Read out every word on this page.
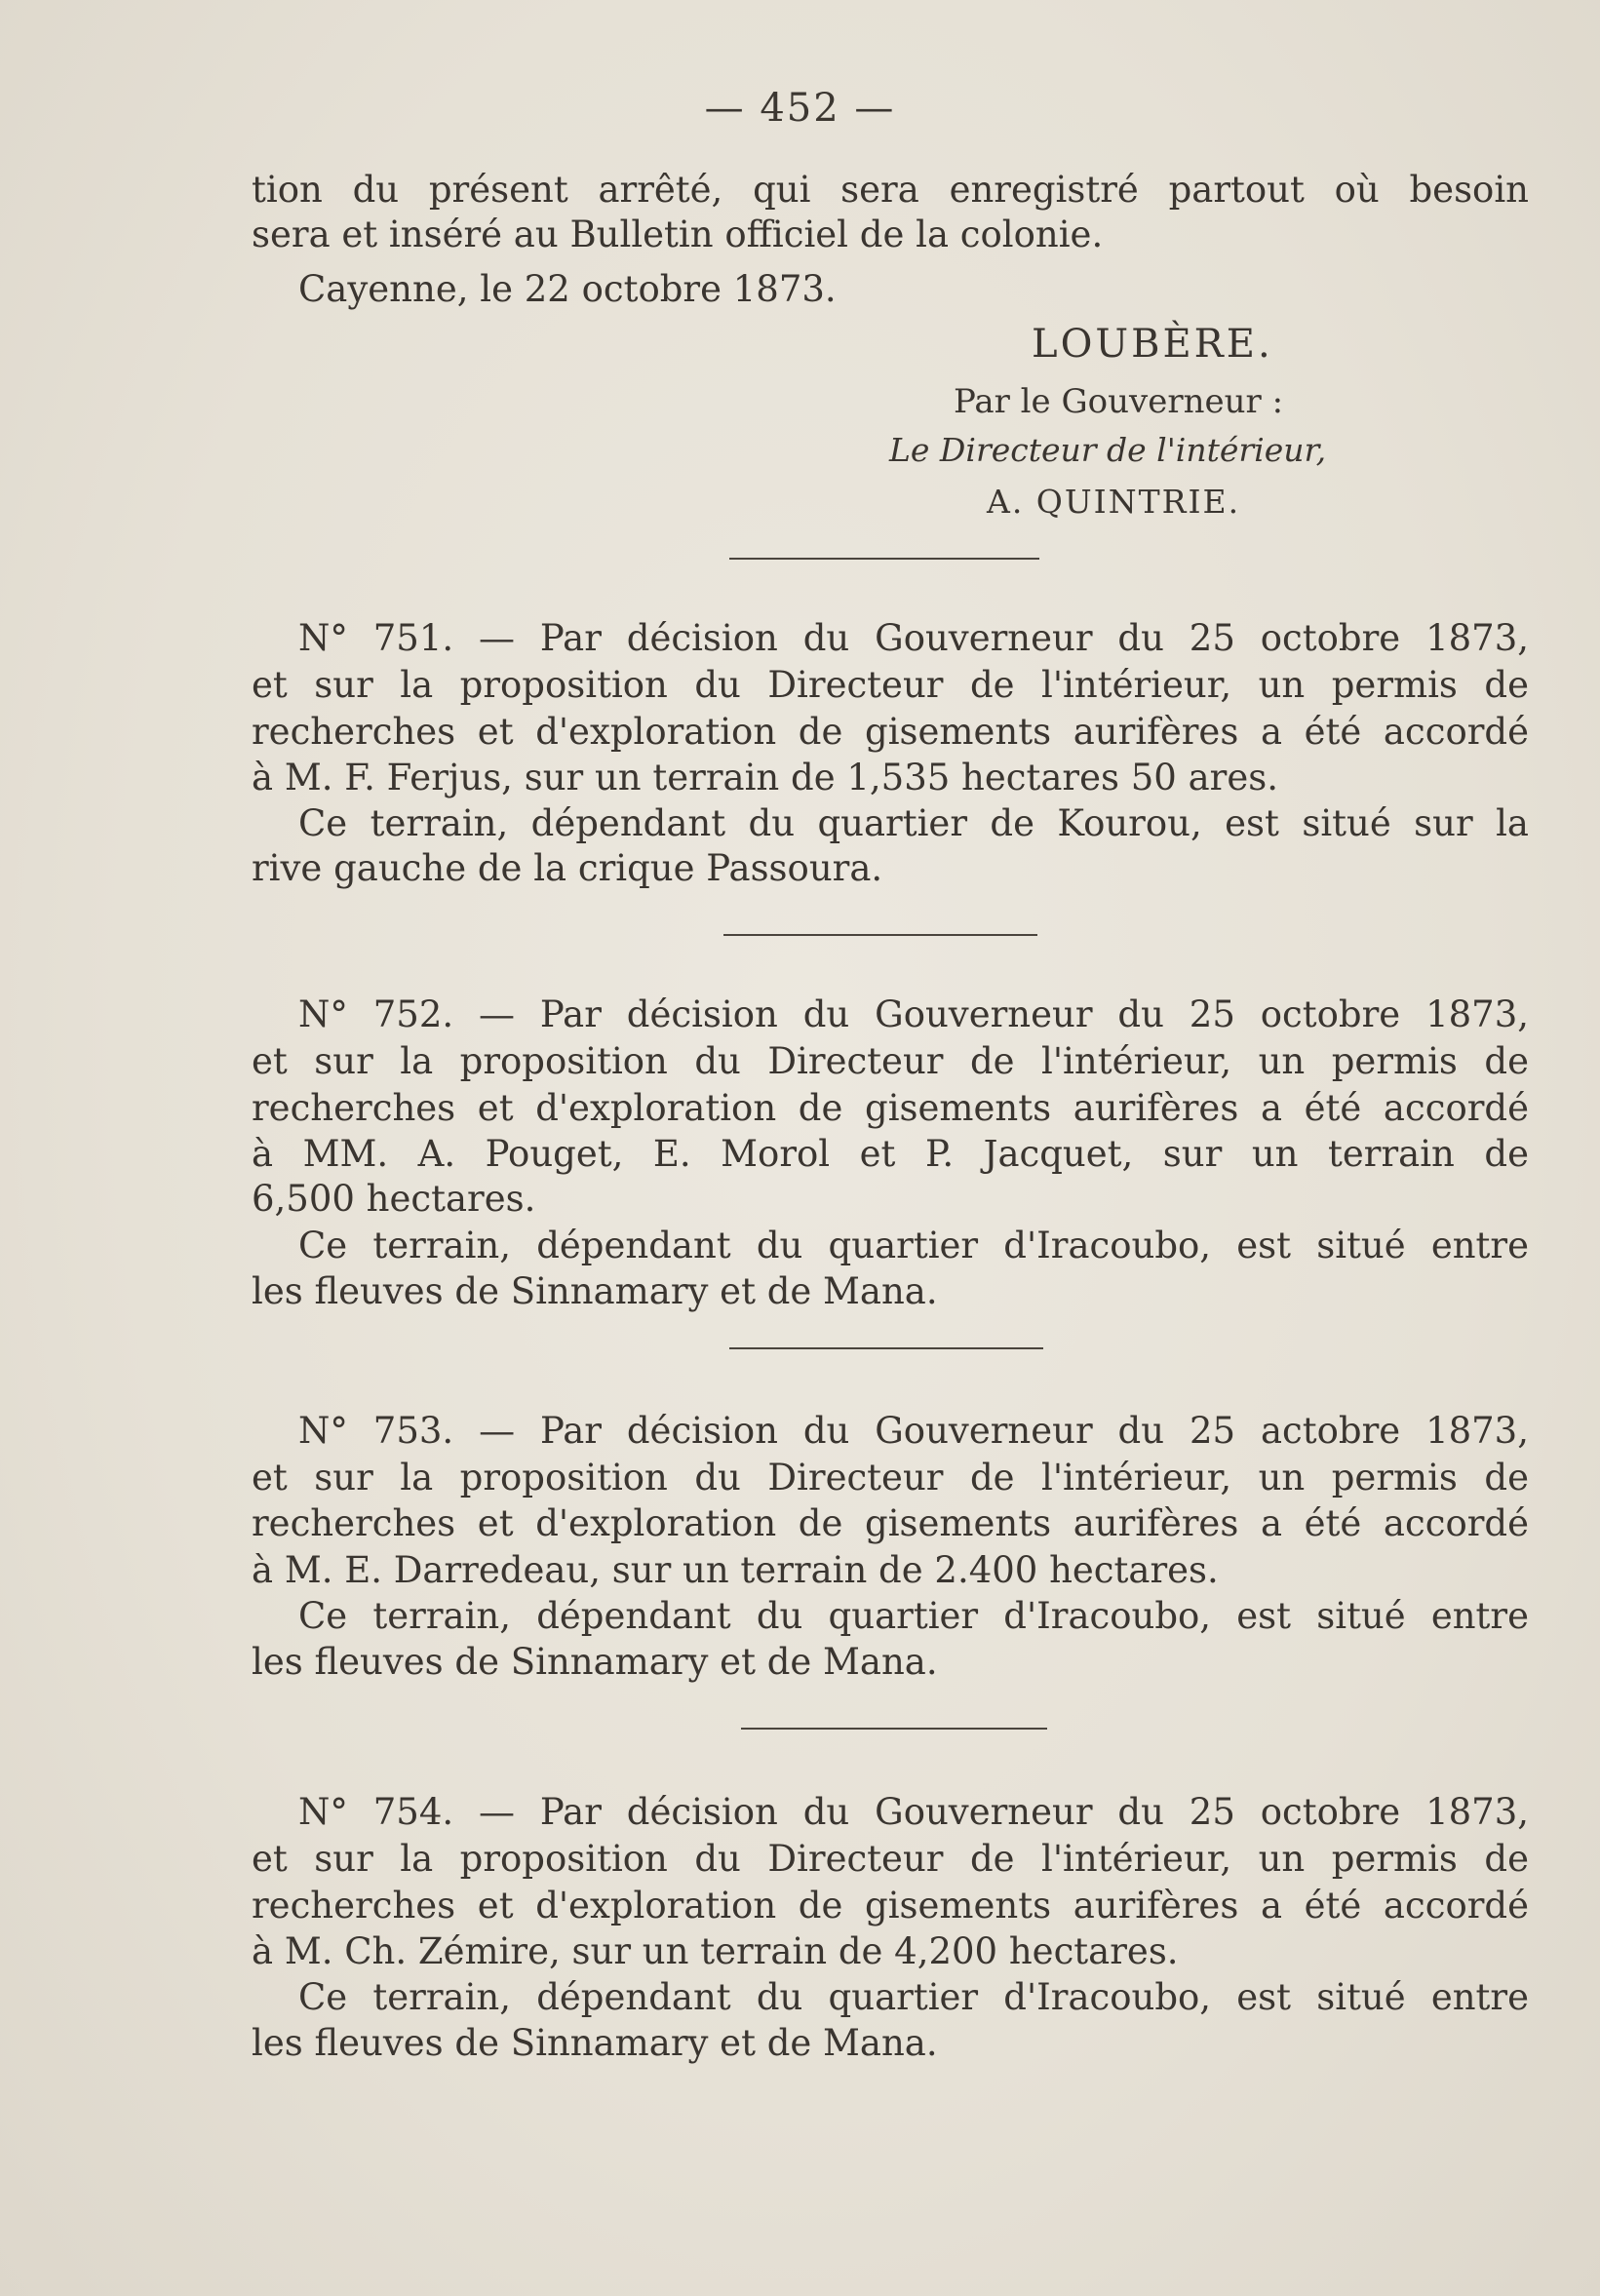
— 452 —
tion du présent arrêté, qui sera enregistré partout où besoin
sera et inséré au Bulletin officiel de la colonie.
Cayenne, le 22 octobre 1873.
LOUBÈRE.
Par le Gouverneur :
Le Directeur de l'intérieur,
A. QUINTRIE.
N° 751. — Par décision du Gouverneur du 25 octobre 1873,
et sur la proposition du Directeur de l'intérieur, un permis de
recherches et d'exploration de gisements aurifères a été accordé
à M. F. Ferjus, sur un terrain de 1,535 hectares 50 ares.
Ce terrain, dépendant du quartier de Kourou, est situé sur la
rive gauche de la crique Passoura.
N° 752. — Par décision du Gouverneur du 25 octobre 1873,
et sur la proposition du Directeur de l'intérieur, un permis de
recherches et d'exploration de gisements aurifères a été accordé
à MM. A. Pouget, E. Morol et P. Jacquet, sur un terrain de
6,500 hectares.
Ce terrain, dépendant du quartier d'Iracoubo, est situé entre
les fleuves de Sinnamary et de Mana.
N° 753. — Par décision du Gouverneur du 25 actobre 1873,
et sur la proposition du Directeur de l'intérieur, un permis de
recherches et d'exploration de gisements aurifères a été accordé
à M. E. Darredeau, sur un terrain de 2.400 hectares.
Ce terrain, dépendant du quartier d'Iracoubo, est situé entre
les fleuves de Sinnamary et de Mana.
N° 754. — Par décision du Gouverneur du 25 octobre 1873,
et sur la proposition du Directeur de l'intérieur, un permis de
recherches et d'exploration de gisements aurifères a été accordé
à M. Ch. Zémire, sur un terrain de 4,200 hectares.
Ce terrain, dépendant du quartier d'Iracoubo, est situé entre
les fleuves de Sinnamary et de Mana.
